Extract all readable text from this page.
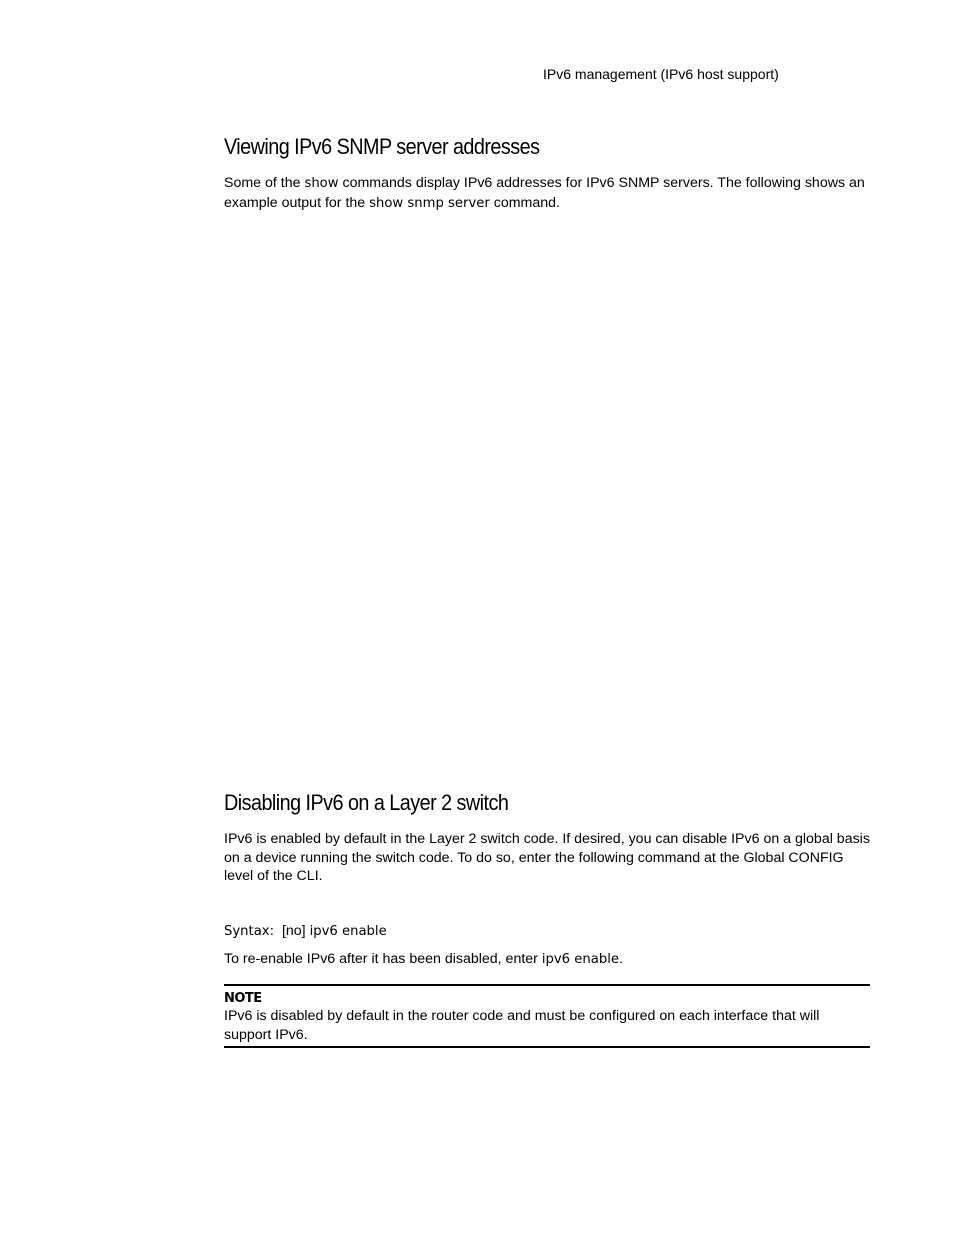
IPv6 management (IPv6 host support)
Viewing IPv6 SNMP server addresses

Some of the show commands display IPv6 addresses for IPv6 SNMP servers. The following shows an example output for the show snmp server command.

Disabling IPv6 on a Layer 2 switch

IPv6 is enabled by default in the Layer 2 switch code. If desired, you can disable IPv6 on a global basis on a device running the switch code. To do so, enter the following command at the Global CONFIG level of the CLI.

Syntax: [no] ipv6 enable

To re-enable IPv6 after it has been disabled, enter ipv6 enable.

NOTE

IPv6 is disabled by default in the router code and must be configured on each interface that will support IPv6.
